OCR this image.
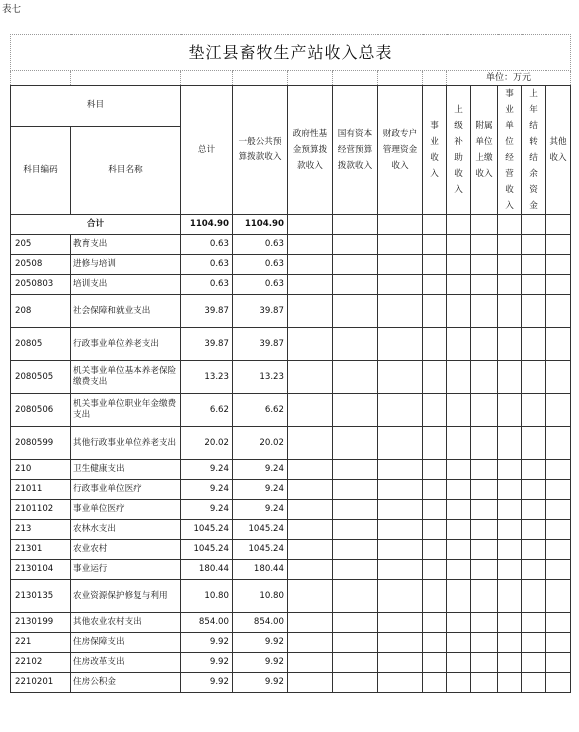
表七
垫江县畜牧生产站收入总表												
								单位：万元				
科目		总计	一般公共预算拨款收入	政府性基金预算拨款收入	国有资本经营预算拨款收入	财政专户管理资金收入	事业收入	上级补助收入	附属单位上缴收入	事业单位经营收入	上年结转结余资金	其他收入
科目编码	科目名称											
合计		1104.90	1104.90									
205	教育支出	0.63	0.63									
20508	进修与培训	0.63	0.63									
2050803	培训支出	0.63	0.63									
208	社会保障和就业支出	39.87	39.87									
20805	行政事业单位养老支出	39.87	39.87									
2080505	机关事业单位基本养老保险缴费支出	13.23	13.23									
2080506	机关事业单位职业年金缴费支出	6.62	6.62									
2080599	其他行政事业单位养老支出	20.02	20.02									
210	卫生健康支出	9.24	9.24									
21011	行政事业单位医疗	9.24	9.24									
2101102	事业单位医疗	9.24	9.24									
213	农林水支出	1045.24	1045.24									
21301	农业农村	1045.24	1045.24									
2130104	事业运行	180.44	180.44									
2130135	农业资源保护修复与利用	10.80	10.80									
2130199	其他农业农村支出	854.00	854.00									
221	住房保障支出	9.92	9.92									
22102	住房改革支出	9.92	9.92									
2210201	住房公积金	9.92	9.92									
